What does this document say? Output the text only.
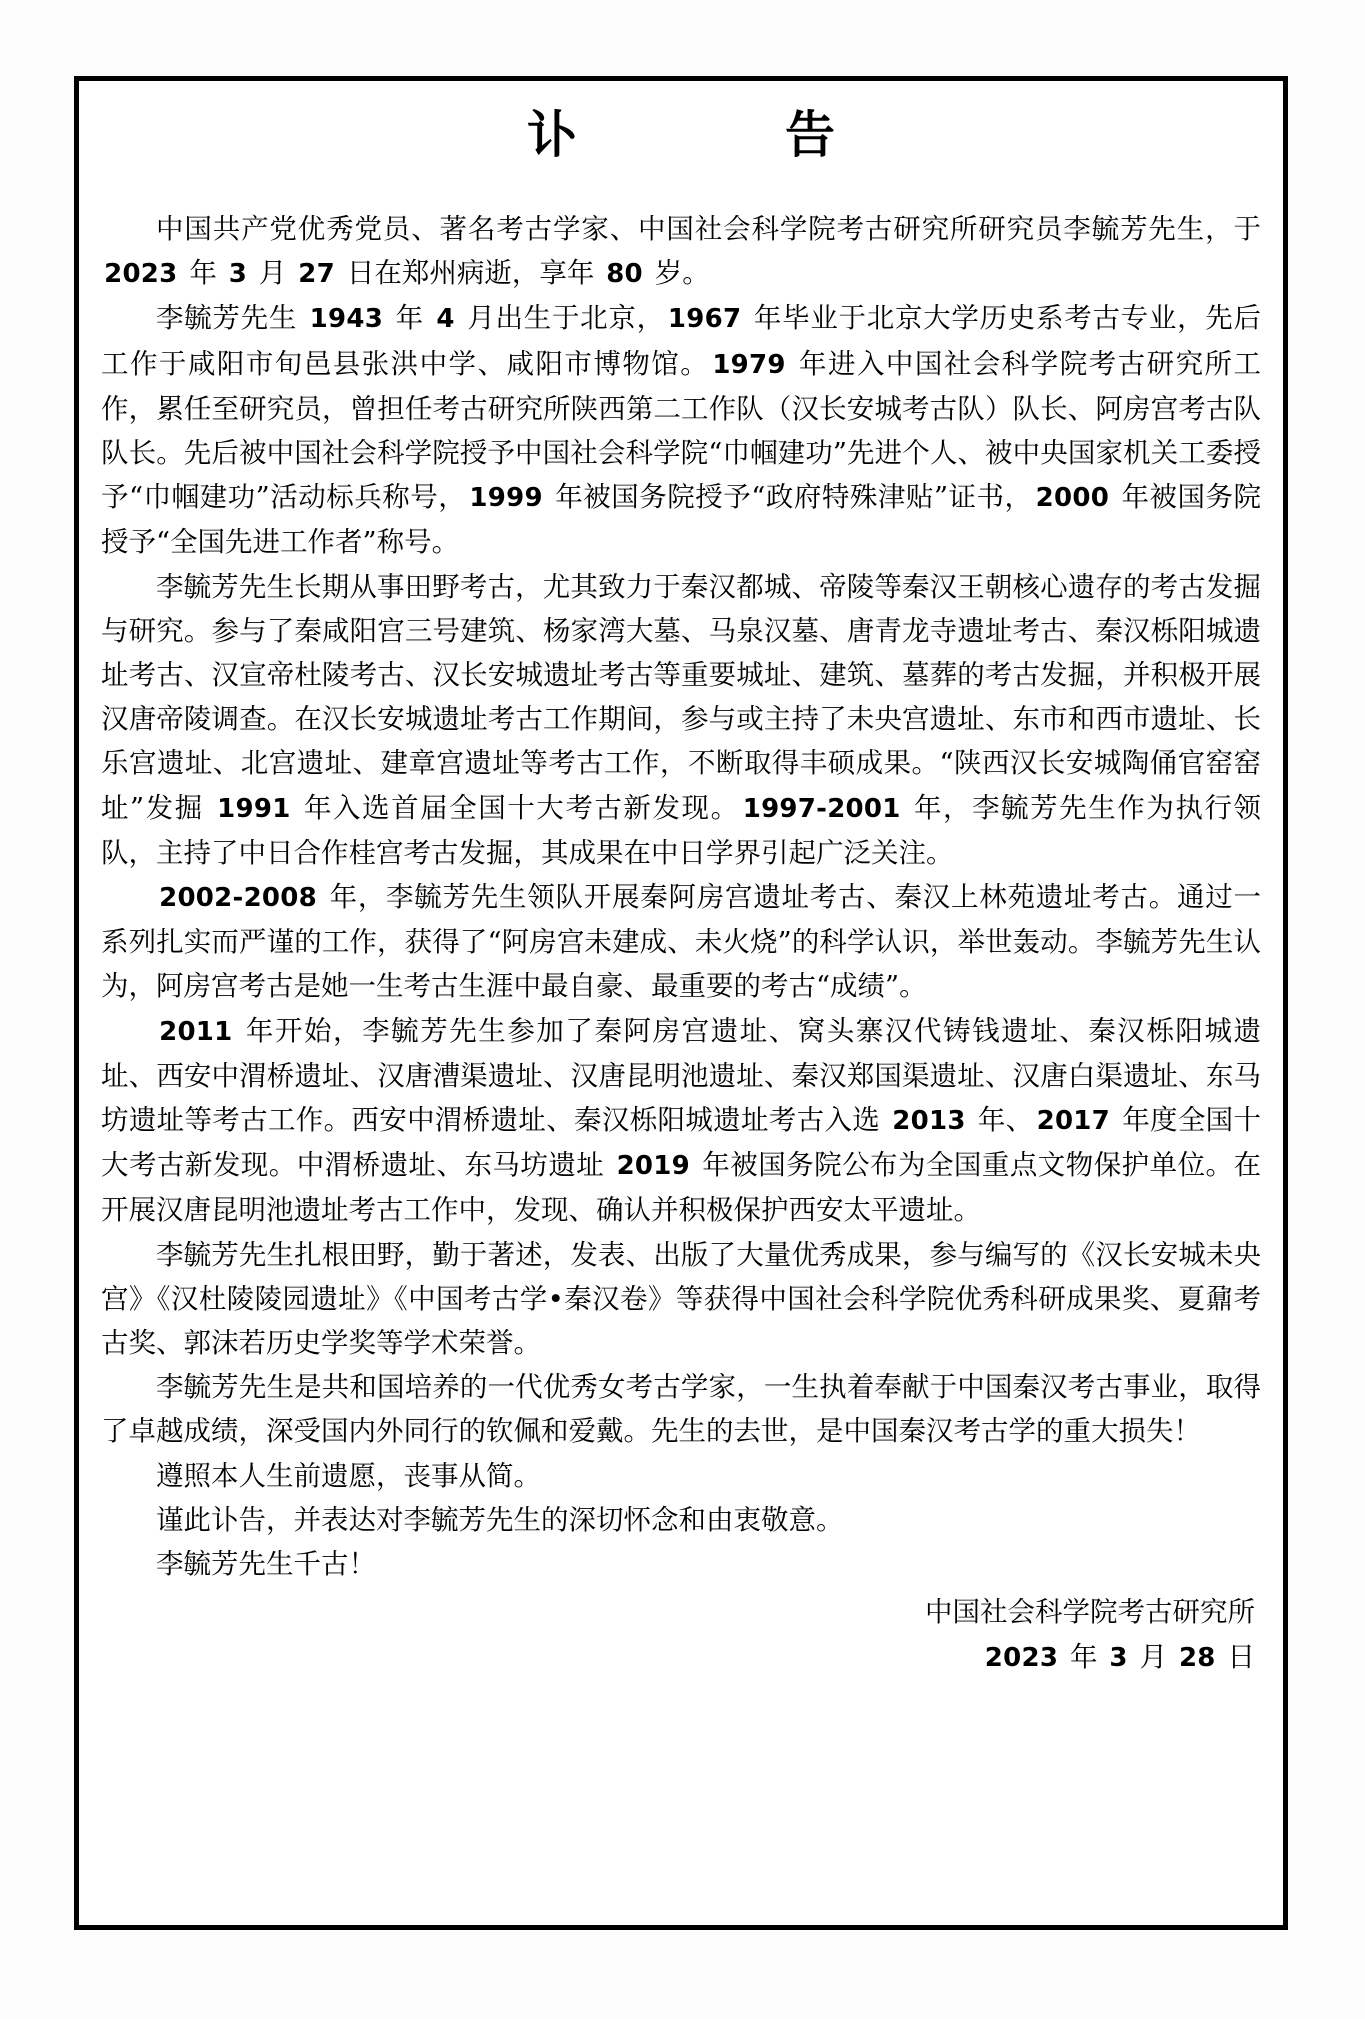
讣　　告

中国共产党优秀党员、著名考古学家、中国社会科学院考古研究所研究员李毓芳先生，于 2023 年 3 月 27 日在郑州病逝，享年 80 岁。

李毓芳先生 1943 年 4 月出生于北京， 1967 年毕业于北京大学历史系考古专业，先后工作于咸阳市旬邑县张洪中学、咸阳市博物馆。 1979 年进入中国社会科学院考古研究所工作，累任至研究员，曾担任考古研究所陕西第二工作队（汉长安城考古队）队长、阿房宫考古队队长。先后被中国社会科学院授予中国社会科学院“巾帼建功”先进个人、被中央国家机关工委授予“巾帼建功”活动标兵称号， 1999 年被国务院授予“政府特殊津贴”证书， 2000 年被国务院授予“全国先进工作者”称号。

李毓芳先生长期从事田野考古，尤其致力于秦汉都城、帝陵等秦汉王朝核心遗存的考古发掘与研究。参与了秦咸阳宫三号建筑、杨家湾大墓、马泉汉墓、唐青龙寺遗址考古、秦汉栎阳城遗址考古、汉宣帝杜陵考古、汉长安城遗址考古等重要城址、建筑、墓葬的考古发掘，并积极开展汉唐帝陵调查。在汉长安城遗址考古工作期间，参与或主持了未央宫遗址、东市和西市遗址、长乐宫遗址、北宫遗址、建章宫遗址等考古工作，不断取得丰硕成果。“陕西汉长安城陶俑官窑窑址”发掘 1991 年入选首届全国十大考古新发现。 1997-2001 年，李毓芳先生作为执行领队，主持了中日合作桂宫考古发掘，其成果在中日学界引起广泛关注。

2002-2008 年，李毓芳先生领队开展秦阿房宫遗址考古、秦汉上林苑遗址考古。通过一系列扎实而严谨的工作，获得了“阿房宫未建成、未火烧”的科学认识，举世轰动。李毓芳先生认为，阿房宫考古是她一生考古生涯中最自豪、最重要的考古“成绩”。

2011 年开始，李毓芳先生参加了秦阿房宫遗址、窝头寨汉代铸钱遗址、秦汉栎阳城遗址、西安中渭桥遗址、汉唐漕渠遗址、汉唐昆明池遗址、秦汉郑国渠遗址、汉唐白渠遗址、东马坊遗址等考古工作。西安中渭桥遗址、秦汉栎阳城遗址考古入选 2013 年、 2017 年度全国十大考古新发现。中渭桥遗址、东马坊遗址 2019 年被国务院公布为全国重点文物保护单位。在开展汉唐昆明池遗址考古工作中，发现、确认并积极保护西安太平遗址。

李毓芳先生扎根田野，勤于著述，发表、出版了大量优秀成果，参与编写的《汉长安城未央宫》《汉杜陵陵园遗址》《中国考古学•秦汉卷》等获得中国社会科学院优秀科研成果奖、夏鼐考古奖、郭沫若历史学奖等学术荣誉。

李毓芳先生是共和国培养的一代优秀女考古学家，一生执着奉献于中国秦汉考古事业，取得了卓越成绩，深受国内外同行的钦佩和爱戴。先生的去世，是中国秦汉考古学的重大损失！

遵照本人生前遗愿，丧事从简。

谨此讣告，并表达对李毓芳先生的深切怀念和由衷敬意。

李毓芳先生千古！

中国社会科学院考古研究所

2023 年 3 月 28 日
